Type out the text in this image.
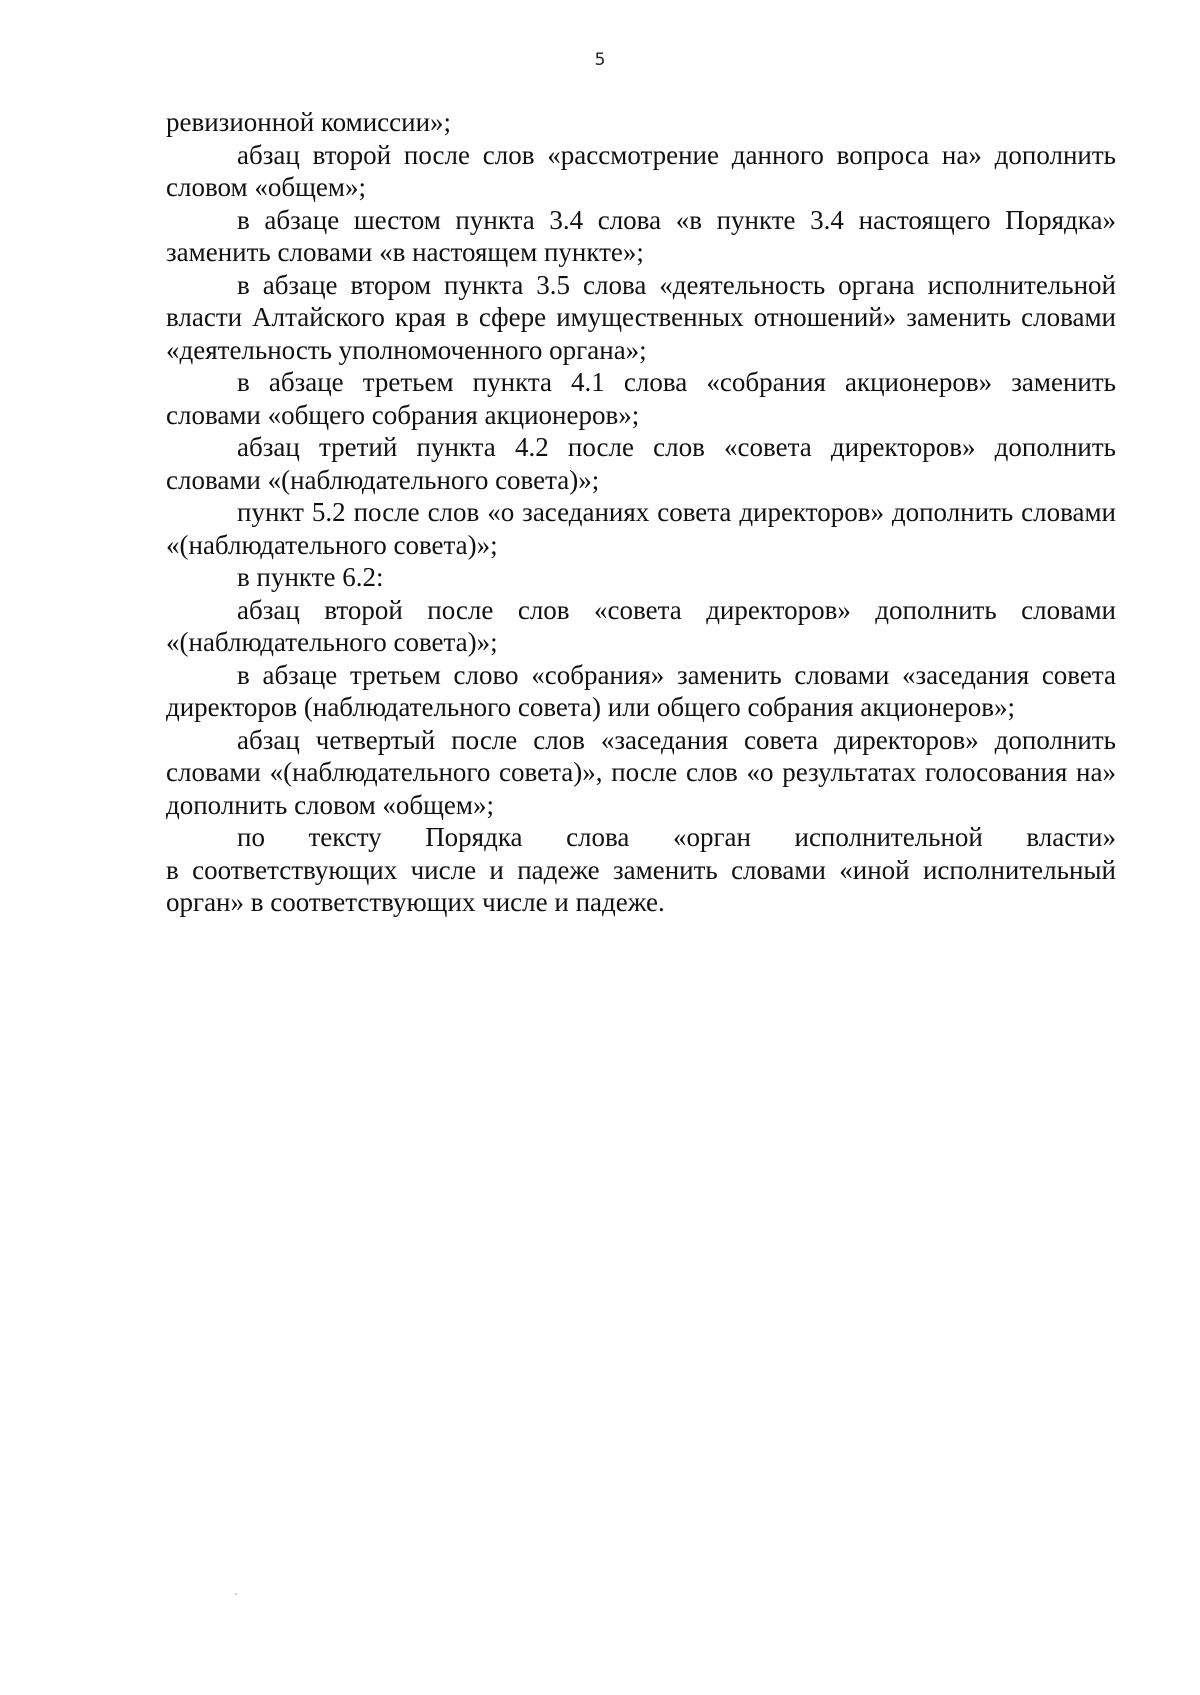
5

ревизионной комиссии»;

абзац второй после слов «рассмотрение данного вопроса на» дополнить словом «общем»;

в абзаце шестом пункта 3.4 слова «в пункте 3.4 настоящего Порядка» заменить словами «в настоящем пункте»;

в абзаце втором пункта 3.5 слова «деятельность органа исполнительной власти Алтайского края в сфере имущественных отношений» заменить словами «деятельность уполномоченного органа»;

в абзаце третьем пункта 4.1 слова «собрания акционеров» заменить словами «общего собрания акционеров»;

абзац третий пункта 4.2 после слов «совета директоров» дополнить словами «(наблюдательного совета)»;

пункт 5.2 после слов «о заседаниях совета директоров» дополнить словами «(наблюдательного совета)»;

в пункте 6.2:

абзац второй после слов «совета директоров» дополнить словами «(наблюдательного совета)»;

в абзаце третьем слово «собрания» заменить словами «заседания совета директоров (наблюдательного совета) или общего собрания акционеров»;

абзац четвертый после слов «заседания совета директоров» дополнить словами «(наблюдательного совета)», после слов «о результатах голосования на» дополнить словом «общем»;

по тексту Порядка слова «орган исполнительной власти»

в соответствующих числе и падеже заменить словами «иной исполнительный орган» в соответствующих числе и падеже.
